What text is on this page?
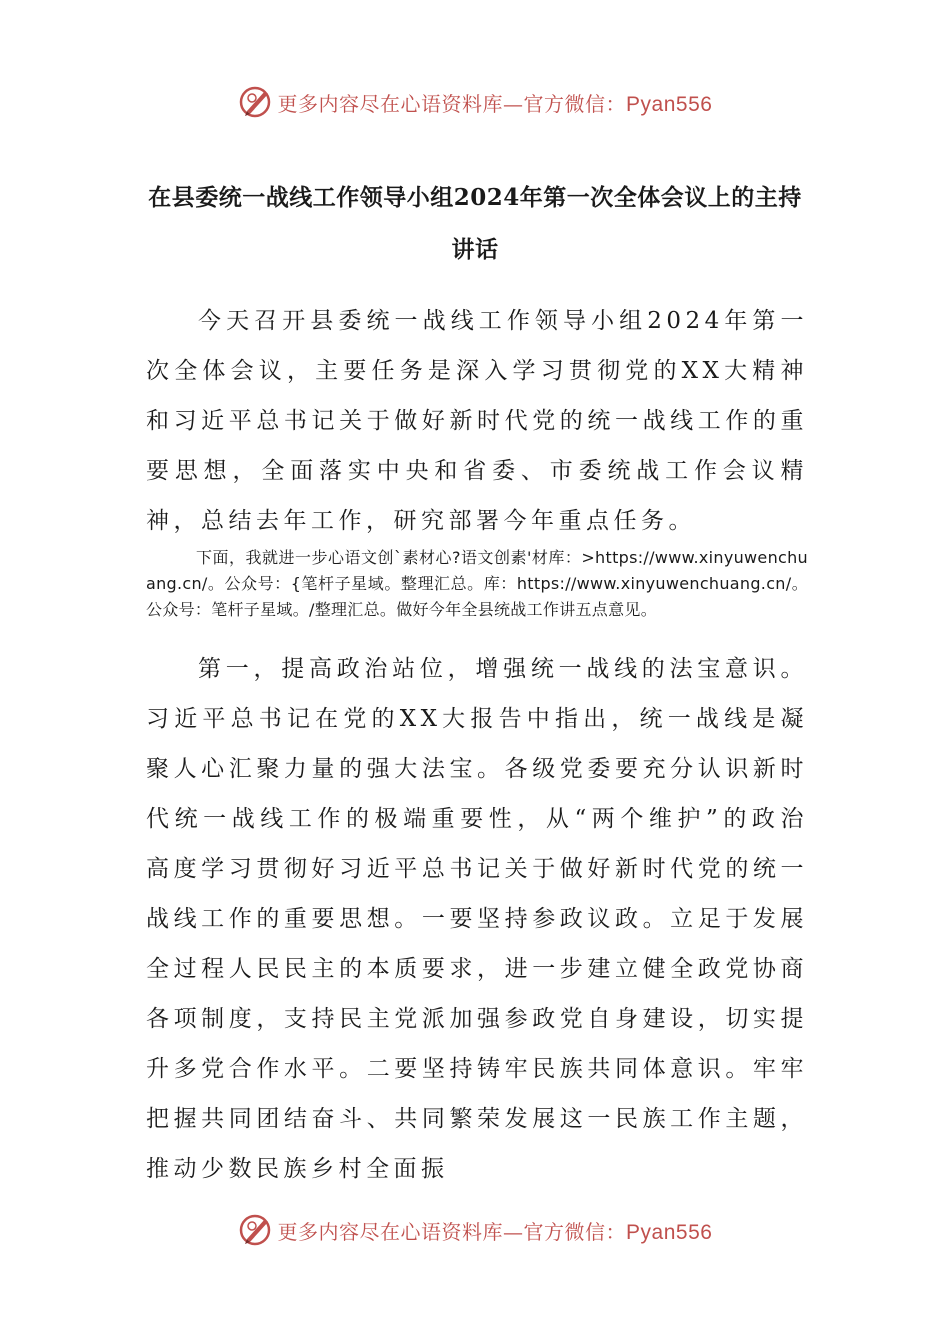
更多内容尽在心语资料库—官方微信：Pyan556
在县委统一战线工作领导小组2024年第一次全体会议上的主持讲话
今天召开县委统一战线工作领导小组2024年第一次全体会议，主要任务是深入学习贯彻党的XX大精神和习近平总书记关于做好新时代党的统一战线工作的重要思想，全面落实中央和省委、市委统战工作会议精神，总结去年工作，研究部署今年重点任务。
下面，我就进一步心语文创`素材心?语文创素'材库：>https://www.xinyuwenchuang.cn/。公众号：{笔杆子星域。整理汇总。库：https://www.xinyuwenchuang.cn/。公众号：笔杆子星域。/整理汇总。做好今年全县统战工作讲五点意见。
第一，提高政治站位，增强统一战线的法宝意识。习近平总书记在党的XX大报告中指出，统一战线是凝聚人心汇聚力量的强大法宝。各级党委要充分认识新时代统一战线工作的极端重要性，从“两个维护”的政治高度学习贯彻好习近平总书记关于做好新时代党的统一战线工作的重要思想。一要坚持参政议政。立足于发展全过程人民民主的本质要求，进一步建立健全政党协商各项制度，支持民主党派加强参政党自身建设，切实提升多党合作水平。二要坚持铸牢民族共同体意识。牢牢把握共同团结奋斗、共同繁荣发展这一民族工作主题，推动少数民族乡村全面振
更多内容尽在心语资料库—官方微信：Pyan556
